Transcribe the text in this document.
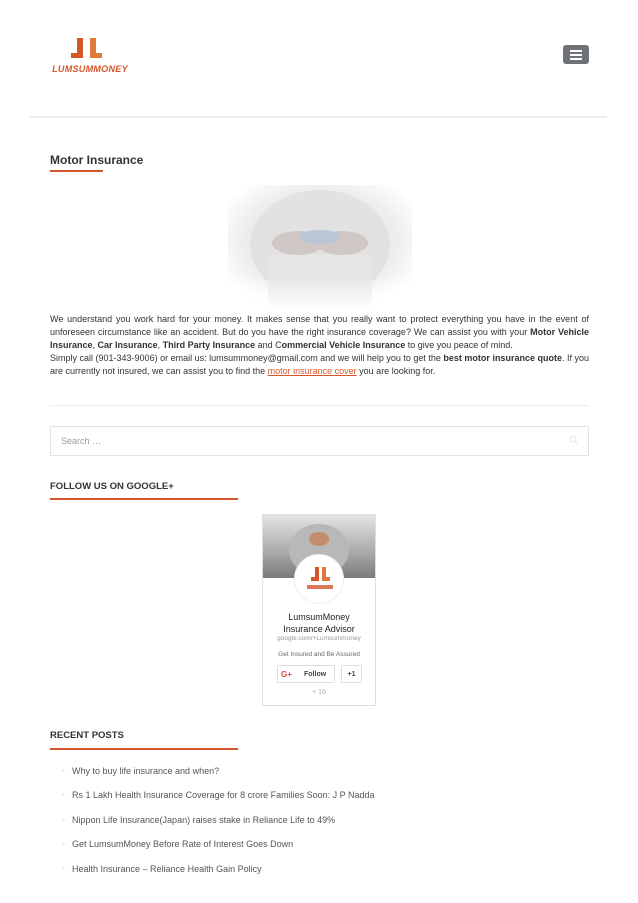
LUMSUMMONEY
Motor Insurance

We understand you work hard for your money. It makes sense that you really want to protect everything you have in the event of unforeseen circumstance like an accident. But do you have the right insurance coverage? We can assist you with your Motor Vehicle Insurance, Car Insurance, Third Party Insurance and Commercial Vehicle Insurance to give you peace of mind.

Simply call (901-343-9006) or email us: lumsummoney@gmail.com and we will help you to get the best motor insurance quote. If you are currently not insured, we can assist you to find the motor insurance cover you are looking for.

Search …
FOLLOW US ON GOOGLE+
LumsumMoney
Insurance Advisor
google.com/+Lumsummoney
Get Insured and Be Assured
G+ Follow	+1
+ 16
RECENT POSTS
◦ Why to buy life insurance and when?
◦ Rs 1 Lakh Health Insurance Coverage for 8 crore Families Soon: J P Nadda
◦ Nippon Life Insurance(Japan) raises stake in Reliance Life to 49%
◦ Get LumsumMoney Before Rate of Interest Goes Down
◦ Health Insurance – Reliance Health Gain Policy
